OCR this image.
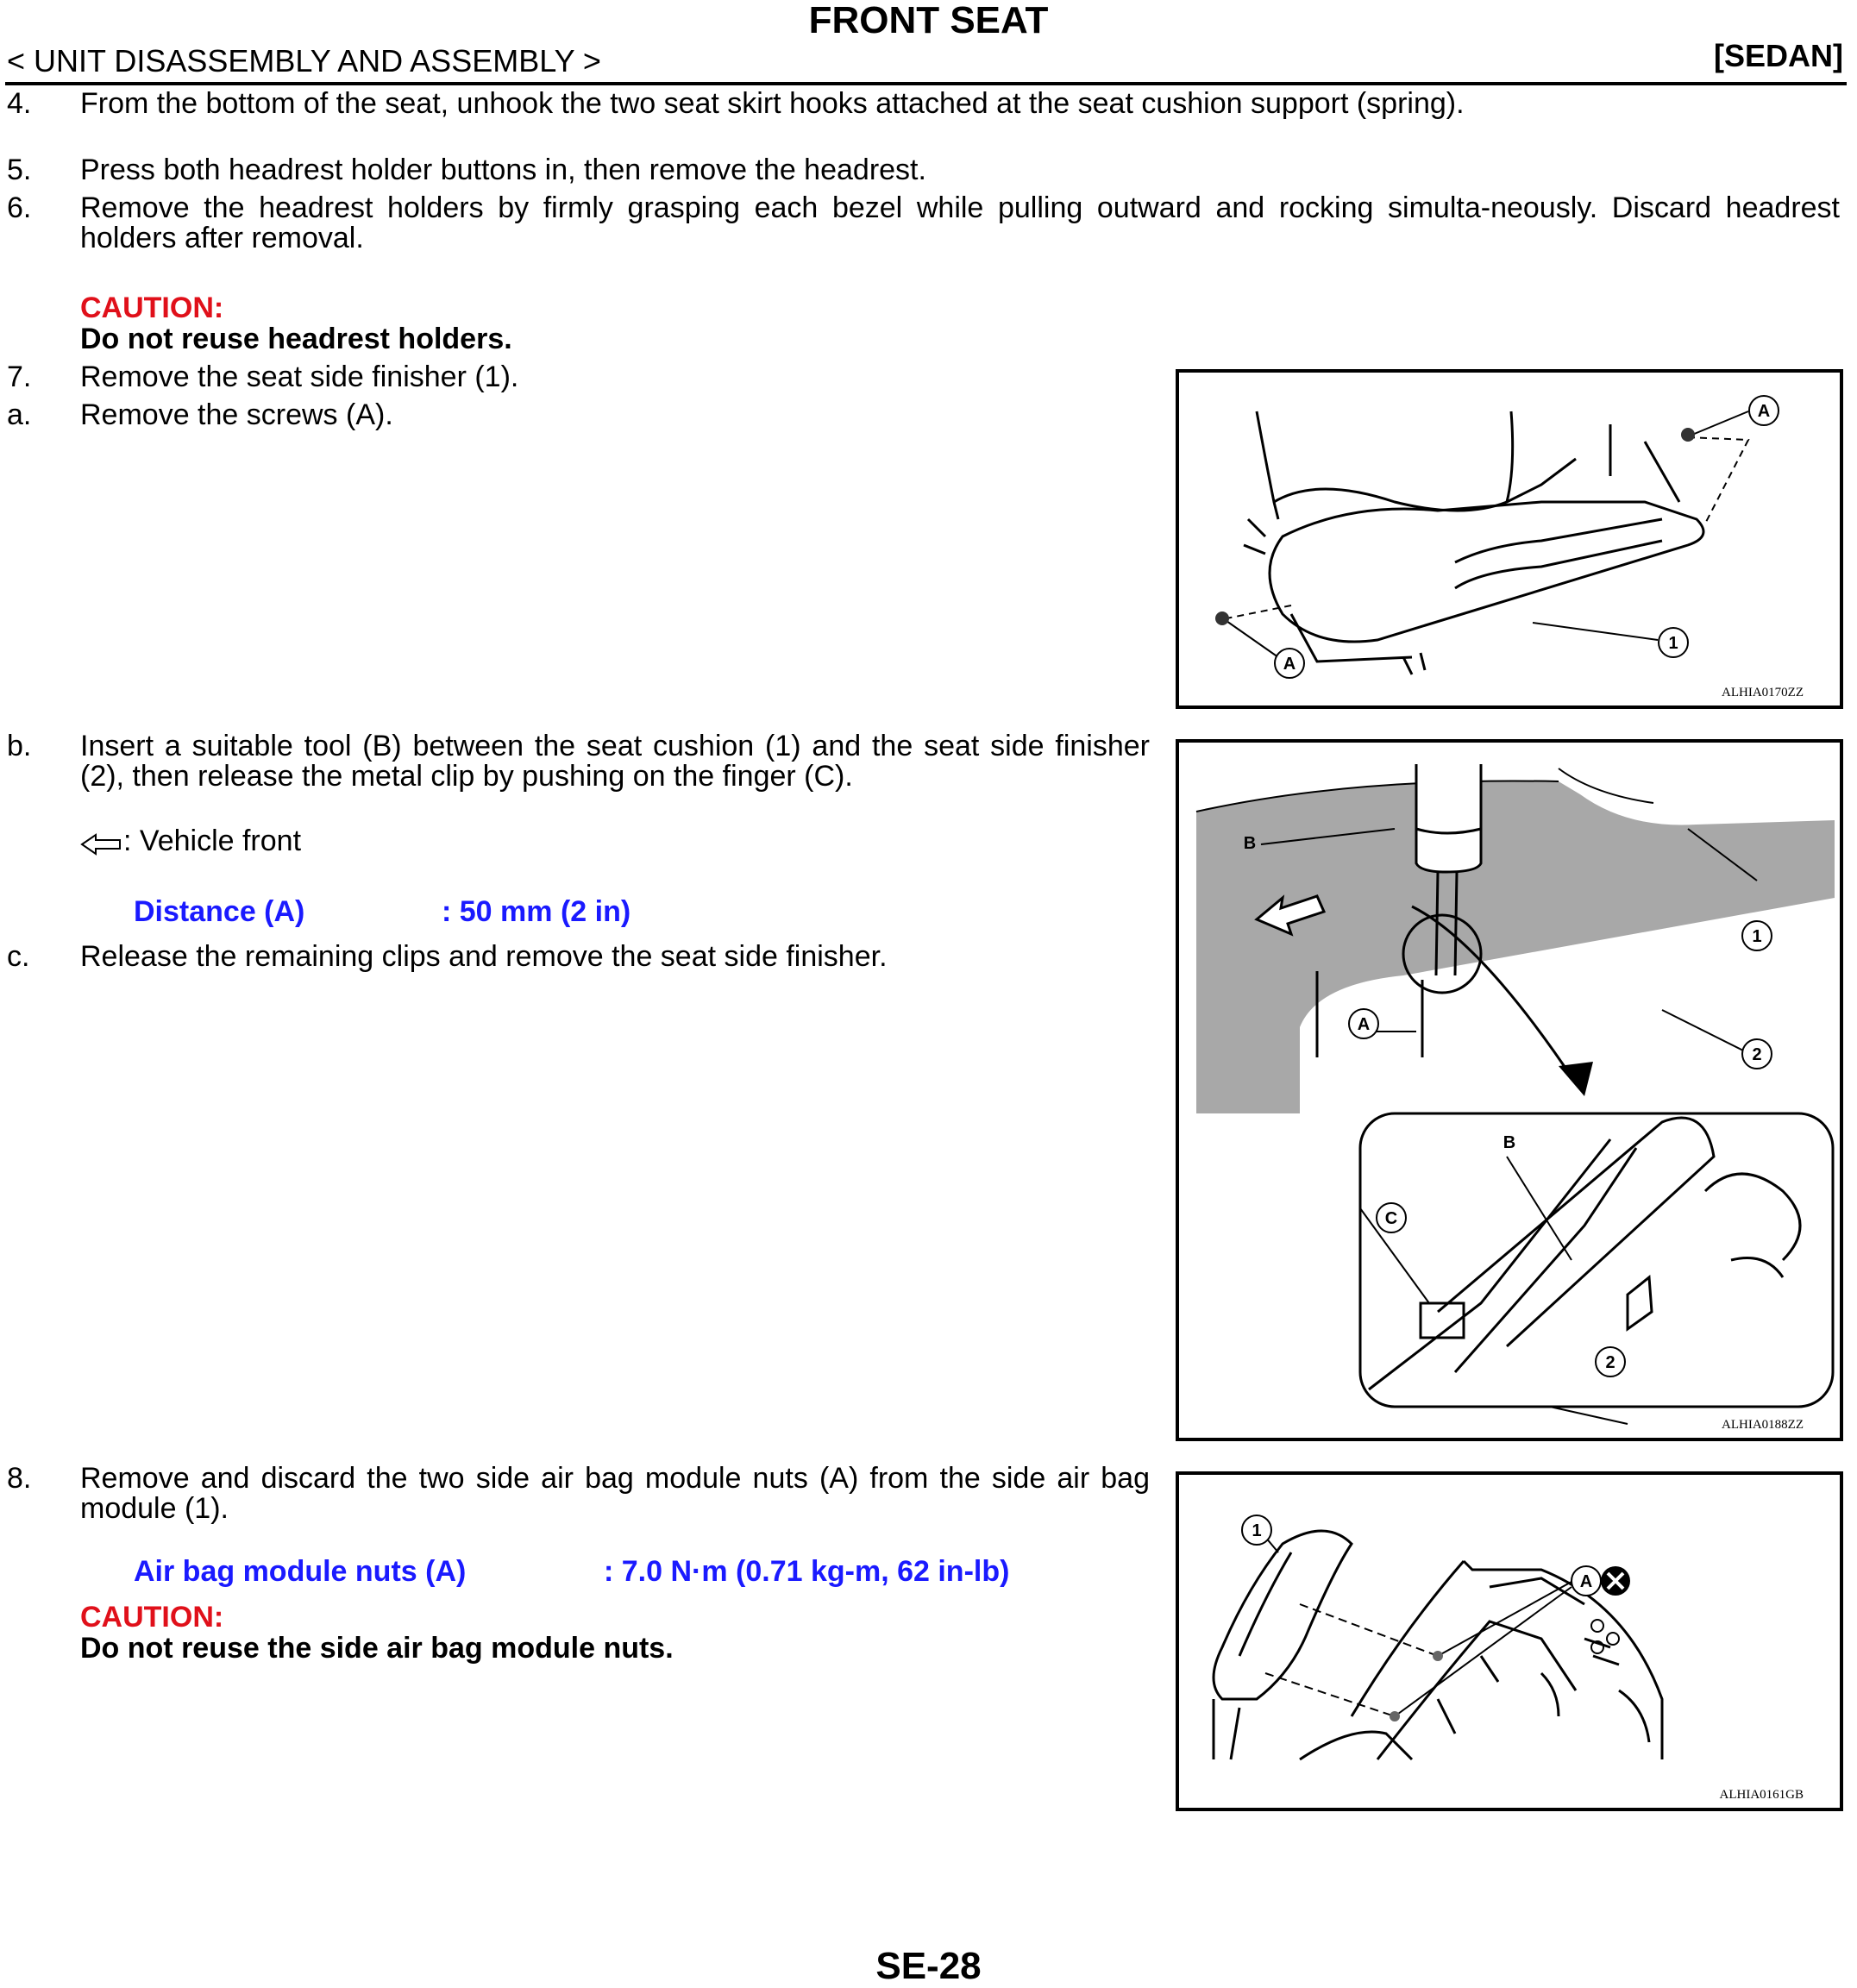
FRONT SEAT
< UNIT DISASSEMBLY AND ASSEMBLY >	[SEDAN]
4. From the bottom of the seat, unhook the two seat skirt hooks attached at the seat cushion support (spring).
5. Press both headrest holder buttons in, then remove the headrest.
6. Remove the headrest holders by firmly grasping each bezel while pulling outward and rocking simulta-neously. Discard headrest holders after removal.
CAUTION:
Do not reuse headrest holders.
7. Remove the seat side finisher (1).
a. Remove the screws (A).	A
A
1
ALHIA0170ZZ
b. Insert a suitable tool (B) between the seat cushion (1) and the seat side finisher (2), then release the metal clip by pushing on the finger (C).
: Vehicle front
Distance (A)	: 50 mm (2 in)
c. Release the remaining clips and remove the seat side finisher.
B
1
A
2
B
C
2
ALHIA0188ZZ
8. Remove and discard the two side air bag module nuts (A) from the side air bag module (1).
Air bag module nuts (A)	: 7.0 N·m (0.71 kg-m, 62 in-lb)
CAUTION:
Do not reuse the side air bag module nuts.
1
A
ALHIA0161GB
SE-28
